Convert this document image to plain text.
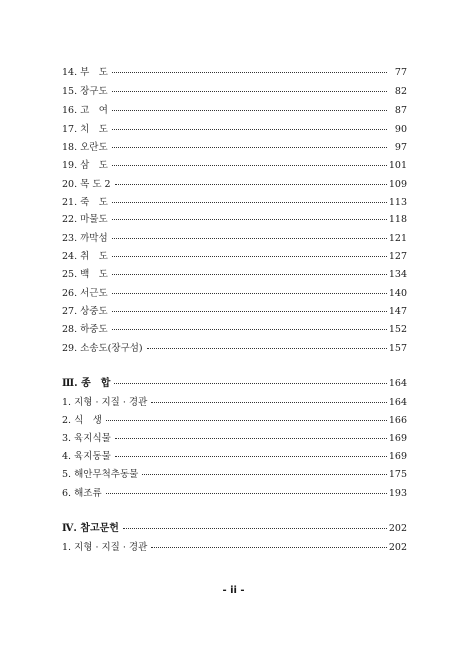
14. 부　도	77
15. 장구도	82
16. 고　여	87
17. 치　도	90
18. 오란도	97
19. 삼　도	101
20. 목 도 2	109
21. 죽　도	113
22. 마물도	118
23. 까막섬	121
24. 취　도	127
25. 백　도	134
26. 서근도	140
27. 상중도	147
28. 하중도	152
29. 소송도(장구섬)	157
Ⅲ. 종　합	164
1. 지형 · 지질 · 경관	164
2. 식　생	166
3. 육지식물	169
4. 육지동물	169
5. 해안무척추동물	175
6. 해조류	193
Ⅳ. 참고문헌	202
1. 지형 · 지질 · 경관	202
- ii -
